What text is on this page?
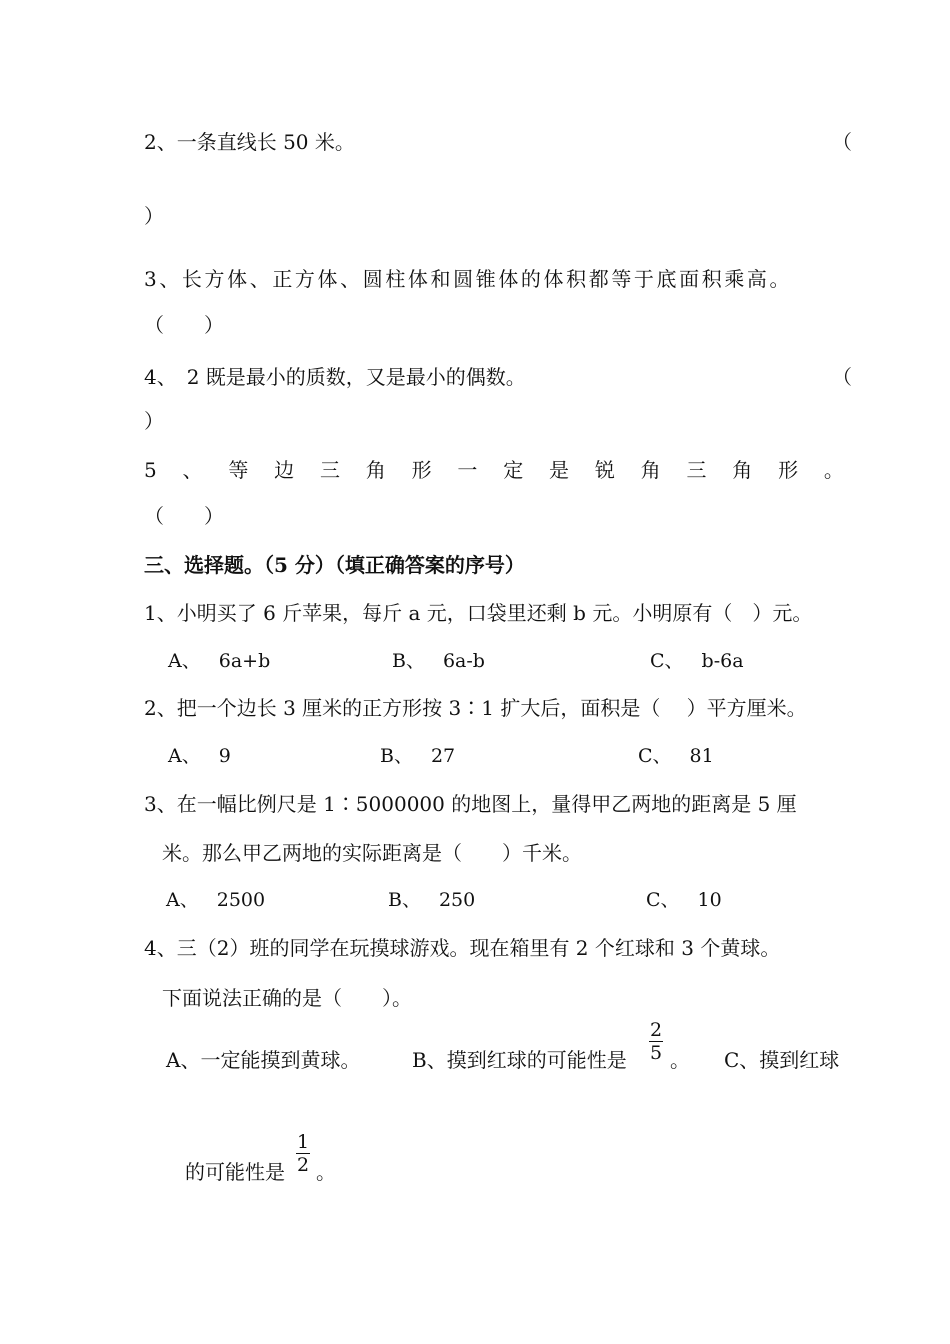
2、一条直线长 50 米。	（
）
3、长方体、正方体、圆柱体和圆锥体的体积都等于底面积乘高。
（　　）
4、　2 既是最小的质数，又是最小的偶数。	（
）
5 、 等 边 三 角 形 一 定 是 锐 角 三 角 形 。
（　　）
三、选择题。（5 分）（填正确答案的序号）
1、小明买了 6 斤苹果，每斤 a 元，口袋里还剩 b 元。小明原有（　）元。
A、 6a+b	B、 6a-b	C、 b-6a
2、把一个边长 3 厘米的正方形按 3∶1 扩大后，面积是（　 ）平方厘米。
A、 9	B、 27	C、 81
3、在一幅比例尺是 1∶5000000 的地图上，量得甲乙两地的距离是 5 厘
米。那么甲乙两地的实际距离是（　　）千米。
A、 2500	B、 250	C、 10
4、三（2）班的同学在玩摸球游戏。现在箱里有 2 个红球和 3 个黄球。
下面说法正确的是（　　）。
A、一定能摸到黄球。	B、摸到红球的可能性是
2
5 。 C、摸到红球
的可能性是
1
2 。
